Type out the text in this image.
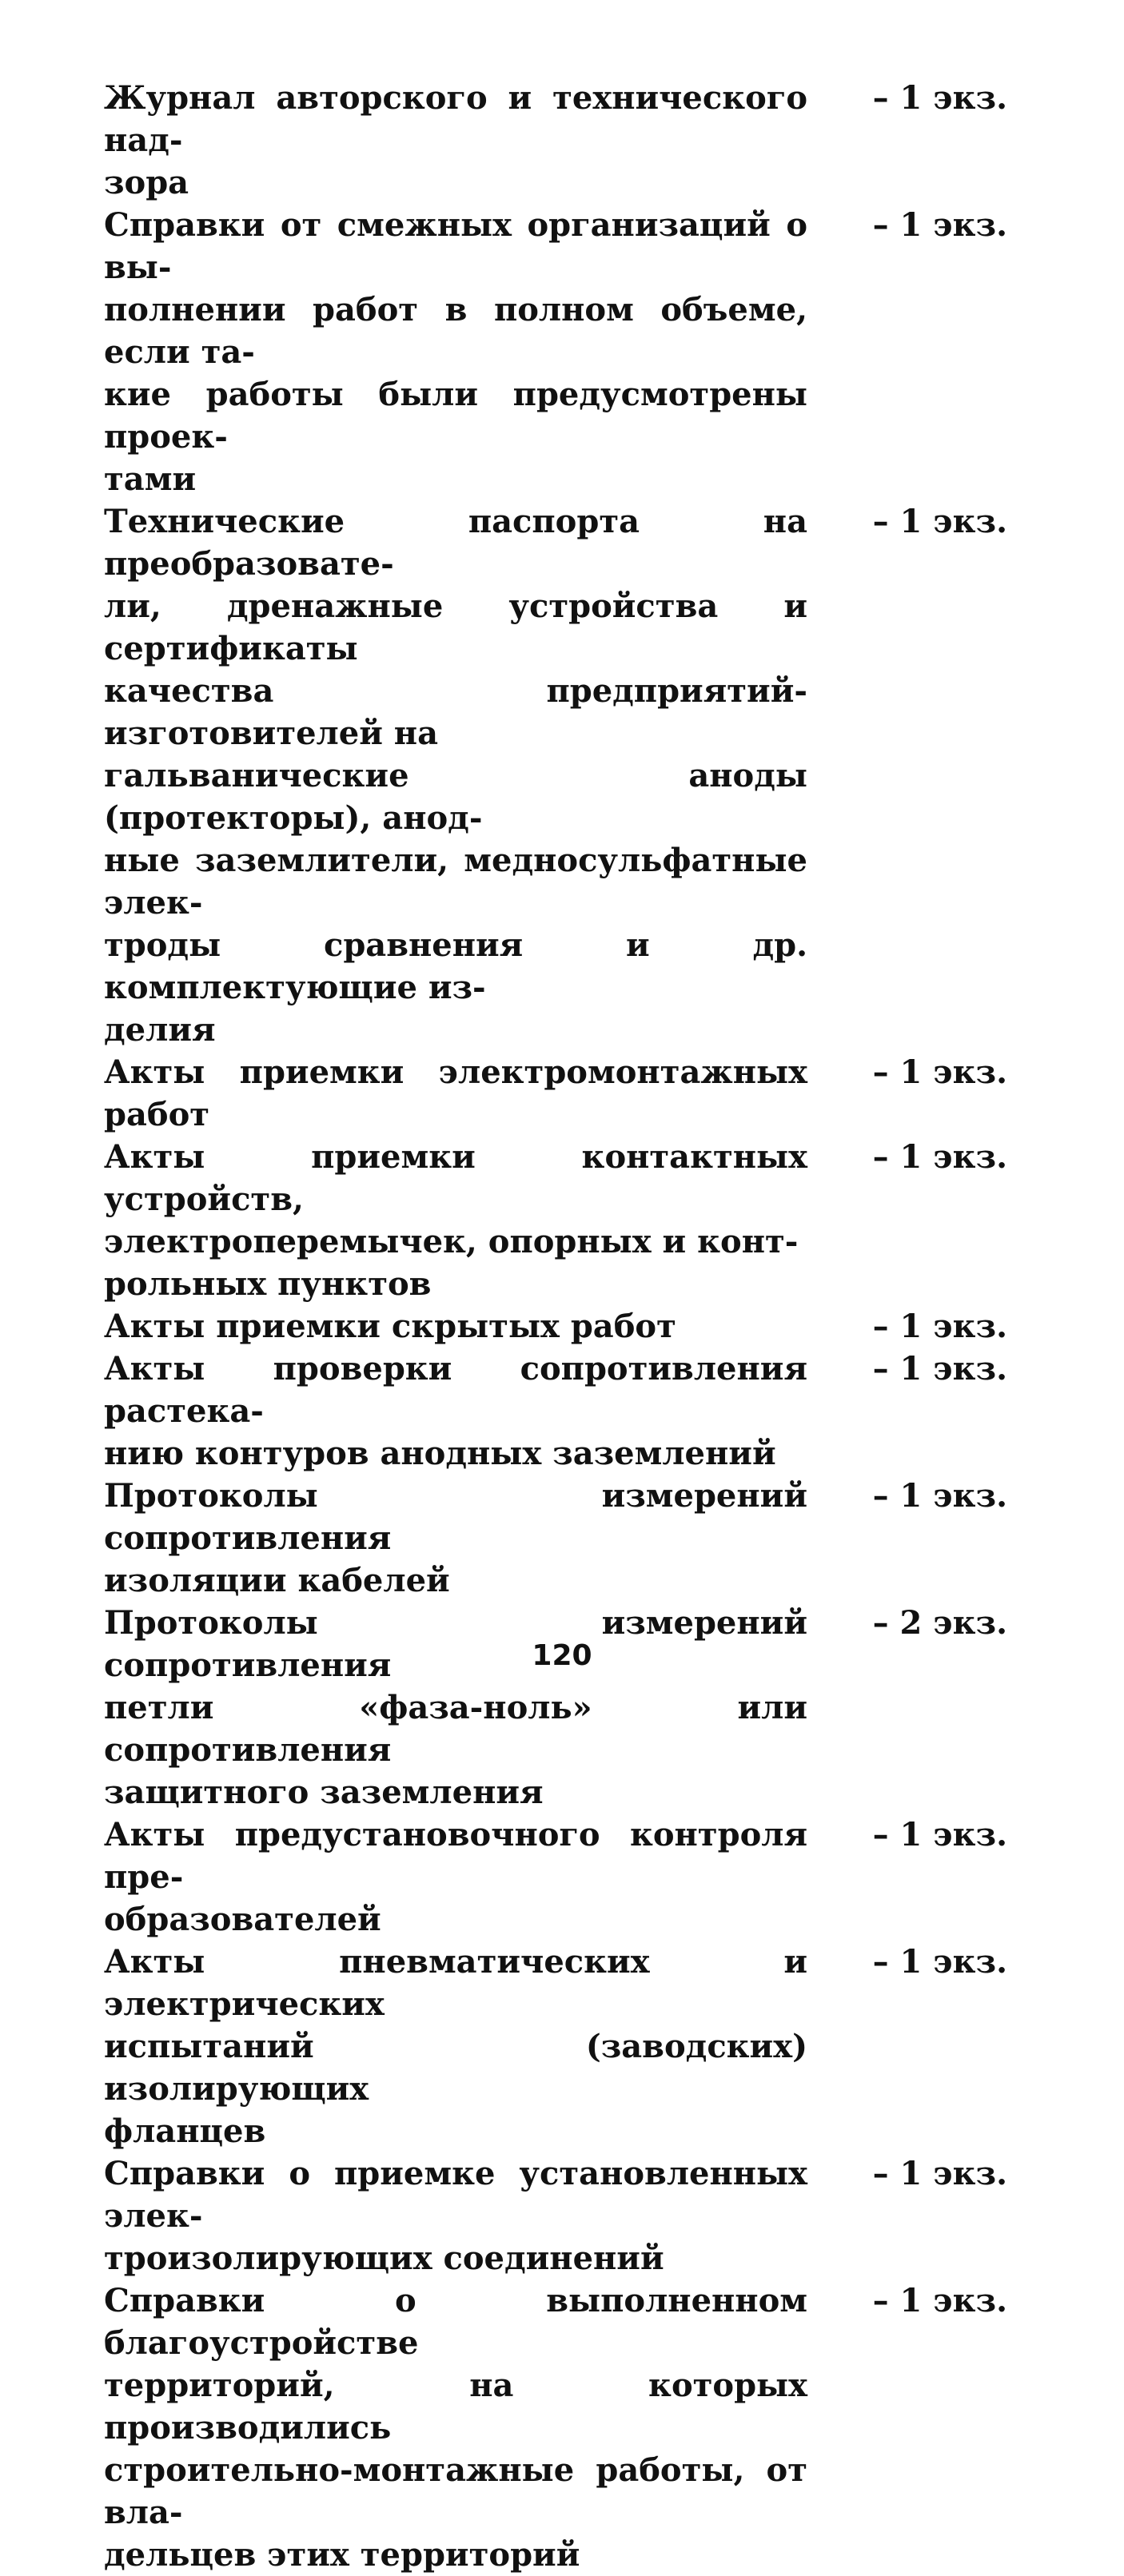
Журнал авторского и технического над-
зора
– 1 экз.
Справки от смежных организаций о вы-
полнении работ в полном объеме, если та-
кие работы были предусмотрены проек-
тами
– 1 экз.
Технические паспорта на преобразовате-
ли, дренажные устройства и сертификаты
качества предприятий-изготовителей на
гальванические аноды (протекторы), анод-
ные заземлители, медносульфатные элек-
троды сравнения и др. комплектующие из-
делия
– 1 экз.
Акты приемки электромонтажных работ
– 1 экз.
Акты приемки контактных устройств,
электроперемычек, опорных и конт-
рольных пунктов
– 1 экз.
Акты приемки скрытых работ	– 1 экз.
Акты проверки сопротивления растека-
нию контуров анодных заземлений
– 1 экз.
Протоколы измерений сопротивления
изоляции кабелей
– 1 экз.
Протоколы измерений сопротивления
петли «фаза-ноль» или сопротивления
защитного заземления
– 2 экз.
Акты предустановочного контроля пре-
образователей
– 1 экз.
Акты пневматических и электрических
испытаний (заводских) изолирующих
фланцев
– 1 экз.
Справки о приемке установленных элек-
троизолирующих соединений
– 1 экз.
Справки о выполненном благоустройстве
территорий, на которых производились
строительно-монтажные работы, от вла-
дельцев этих территорий
– 1 экз.
120
